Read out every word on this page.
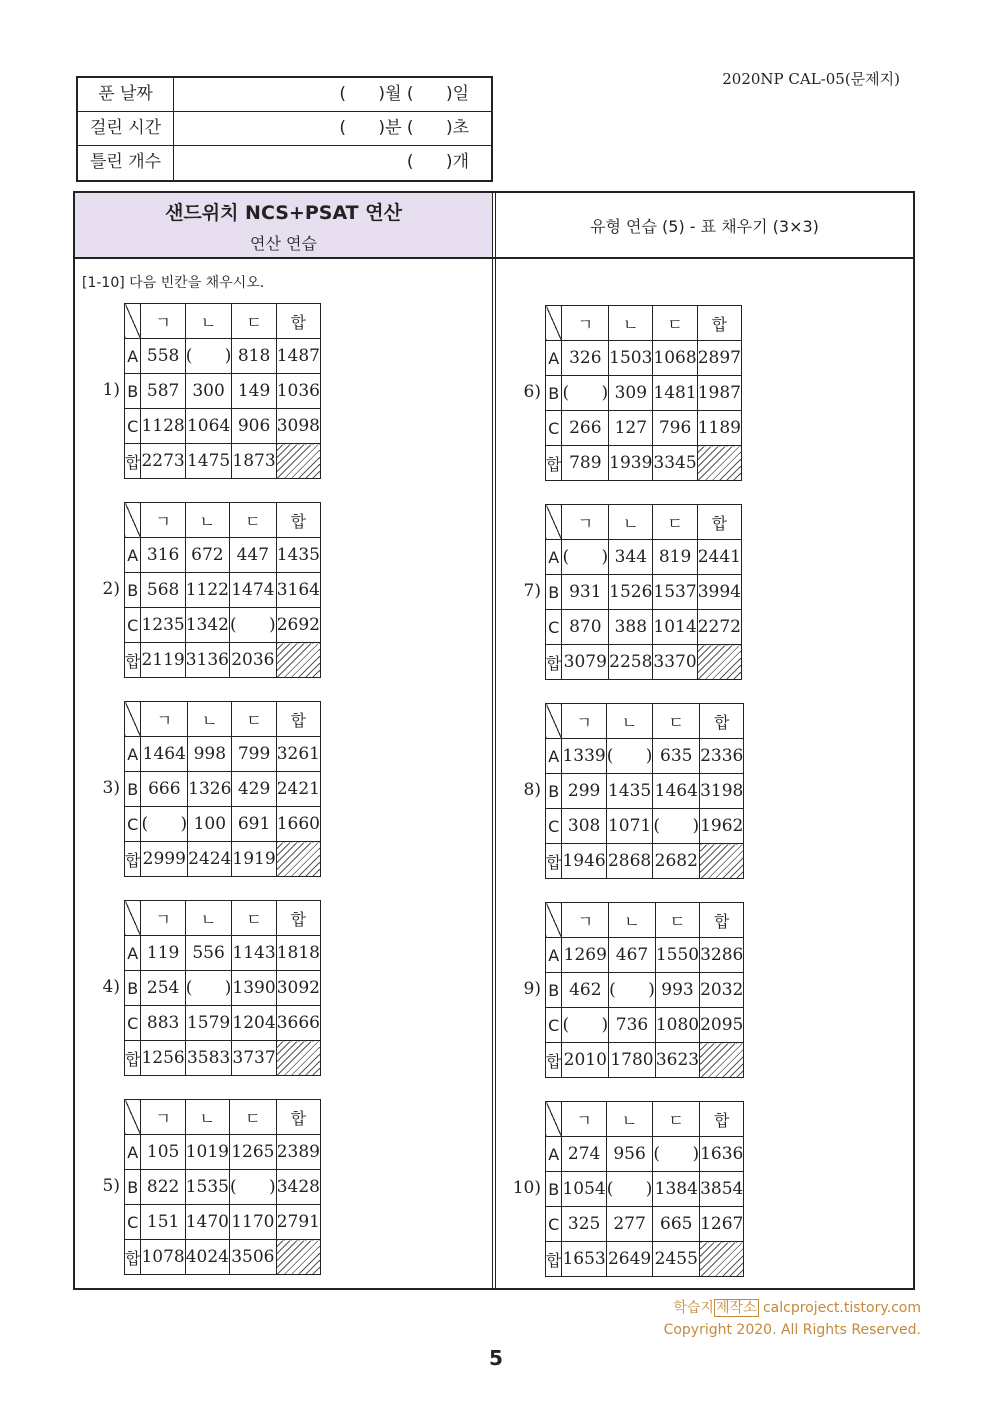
2020NP CAL-05(문제지)
푼 날짜	(      )월 (      )일
걸린 시간	(      )분 (      )초
틀린 개수	(      )개
샌드위치 NCS+PSAT 연산
연산 연습
유형 연습 (5) - 표 채우기 (3×3)
[1-10] 다음 빈칸을 채우시오.
1)
	ㄱ	ㄴ	ㄷ	합
A	558	(      )	818	1487
B	587	300	149	1036
C	1128	1064	906	3098
합	2273	1475	1873	
2)
	ㄱ	ㄴ	ㄷ	합
A	316	672	447	1435
B	568	1122	1474	3164
C	1235	1342	(      )	2692
합	2119	3136	2036	
3)
	ㄱ	ㄴ	ㄷ	합
A	1464	998	799	3261
B	666	1326	429	2421
C	(      )	100	691	1660
합	2999	2424	1919	
4)
	ㄱ	ㄴ	ㄷ	합
A	119	556	1143	1818
B	254	(      )	1390	3092
C	883	1579	1204	3666
합	1256	3583	3737	
5)
	ㄱ	ㄴ	ㄷ	합
A	105	1019	1265	2389
B	822	1535	(      )	3428
C	151	1470	1170	2791
합	1078	4024	3506	
6)
	ㄱ	ㄴ	ㄷ	합
A	326	1503	1068	2897
B	(      )	309	1481	1987
C	266	127	796	1189
합	789	1939	3345	
7)
	ㄱ	ㄴ	ㄷ	합
A	(      )	344	819	2441
B	931	1526	1537	3994
C	870	388	1014	2272
합	3079	2258	3370	
8)
	ㄱ	ㄴ	ㄷ	합
A	1339	(      )	635	2336
B	299	1435	1464	3198
C	308	1071	(      )	1962
합	1946	2868	2682	
9)
	ㄱ	ㄴ	ㄷ	합
A	1269	467	1550	3286
B	462	(      )	993	2032
C	(      )	736	1080	2095
합	2010	1780	3623	
10)
	ㄱ	ㄴ	ㄷ	합
A	274	956	(      )	1636
B	1054	(      )	1384	3854
C	325	277	665	1267
합	1653	2649	2455	
학습지 제작소 calcproject.tistory.com
Copyright 2020. All Rights Reserved.
5
